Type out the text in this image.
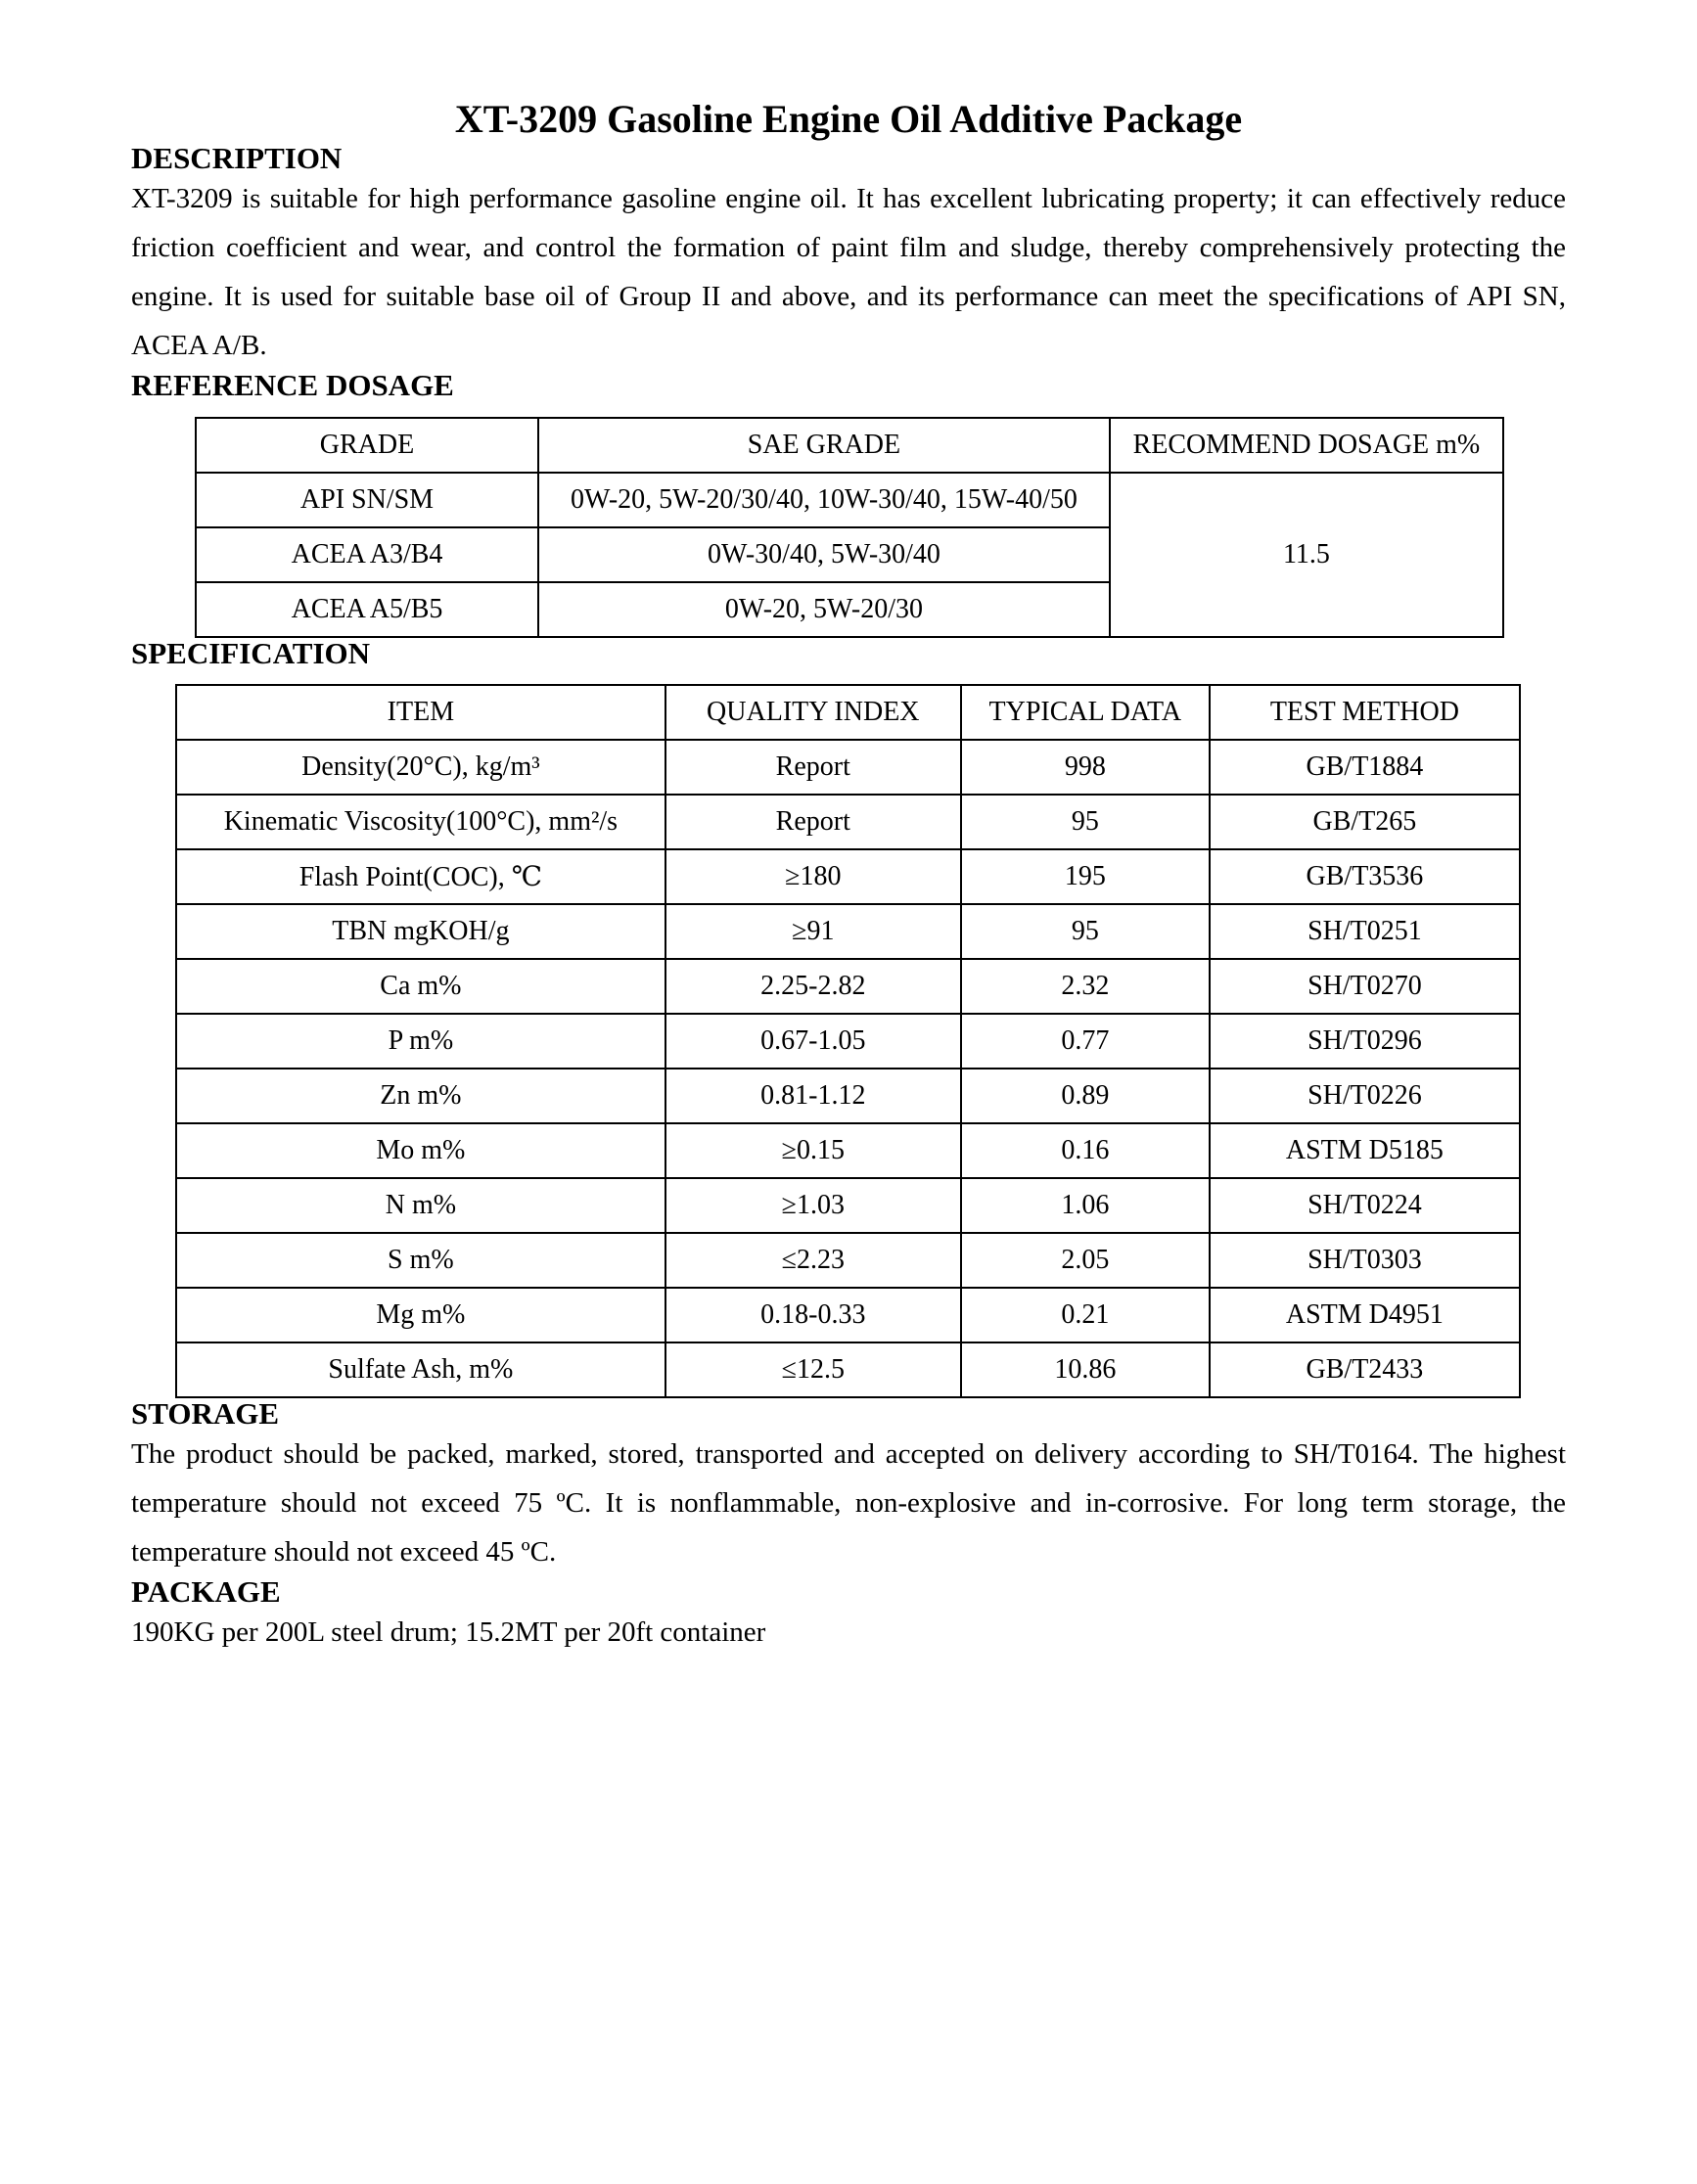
XT-3209 Gasoline Engine Oil Additive Package
DESCRIPTION

XT-3209 is suitable for high performance gasoline engine oil. It has excellent lubricating property; it can effectively reduce friction coefficient and wear, and control the formation of paint film and sludge, thereby comprehensively protecting the engine. It is used for suitable base oil of Group II and above, and its performance can meet the specifications of API SN, ACEA A/B.

REFERENCE DOSAGE
GRADE	SAE GRADE	RECOMMEND DOSAGE m%
API SN/SM	0W-20, 5W-20/30/40, 10W-30/40, 15W-40/50	11.5
ACEA A3/B4	0W-30/40, 5W-30/40	
ACEA A5/B5	0W-20, 5W-20/30	
SPECIFICATION
ITEM	QUALITY INDEX	TYPICAL DATA	TEST METHOD
Density(20°C), kg/m³	Report	998	GB/T1884
Kinematic Viscosity(100°C), mm²/s	Report	95	GB/T265
Flash Point(COC), ℃	≥180	195	GB/T3536
TBN mgKOH/g	≥91	95	SH/T0251
Ca m%	2.25-2.82	2.32	SH/T0270
P m%	0.67-1.05	0.77	SH/T0296
Zn m%	0.81-1.12	0.89	SH/T0226
Mo m%	≥0.15	0.16	ASTM D5185
N m%	≥1.03	1.06	SH/T0224
S m%	≤2.23	2.05	SH/T0303
Mg m%	0.18-0.33	0.21	ASTM D4951
Sulfate Ash, m%	≤12.5	10.86	GB/T2433
STORAGE

The product should be packed, marked, stored, transported and accepted on delivery according to SH/T0164. The highest temperature should not exceed 75 ºC. It is nonflammable, non-explosive and in-corrosive. For long term storage, the temperature should not exceed 45 ºC.

PACKAGE

190KG per 200L steel drum; 15.2MT per 20ft container
